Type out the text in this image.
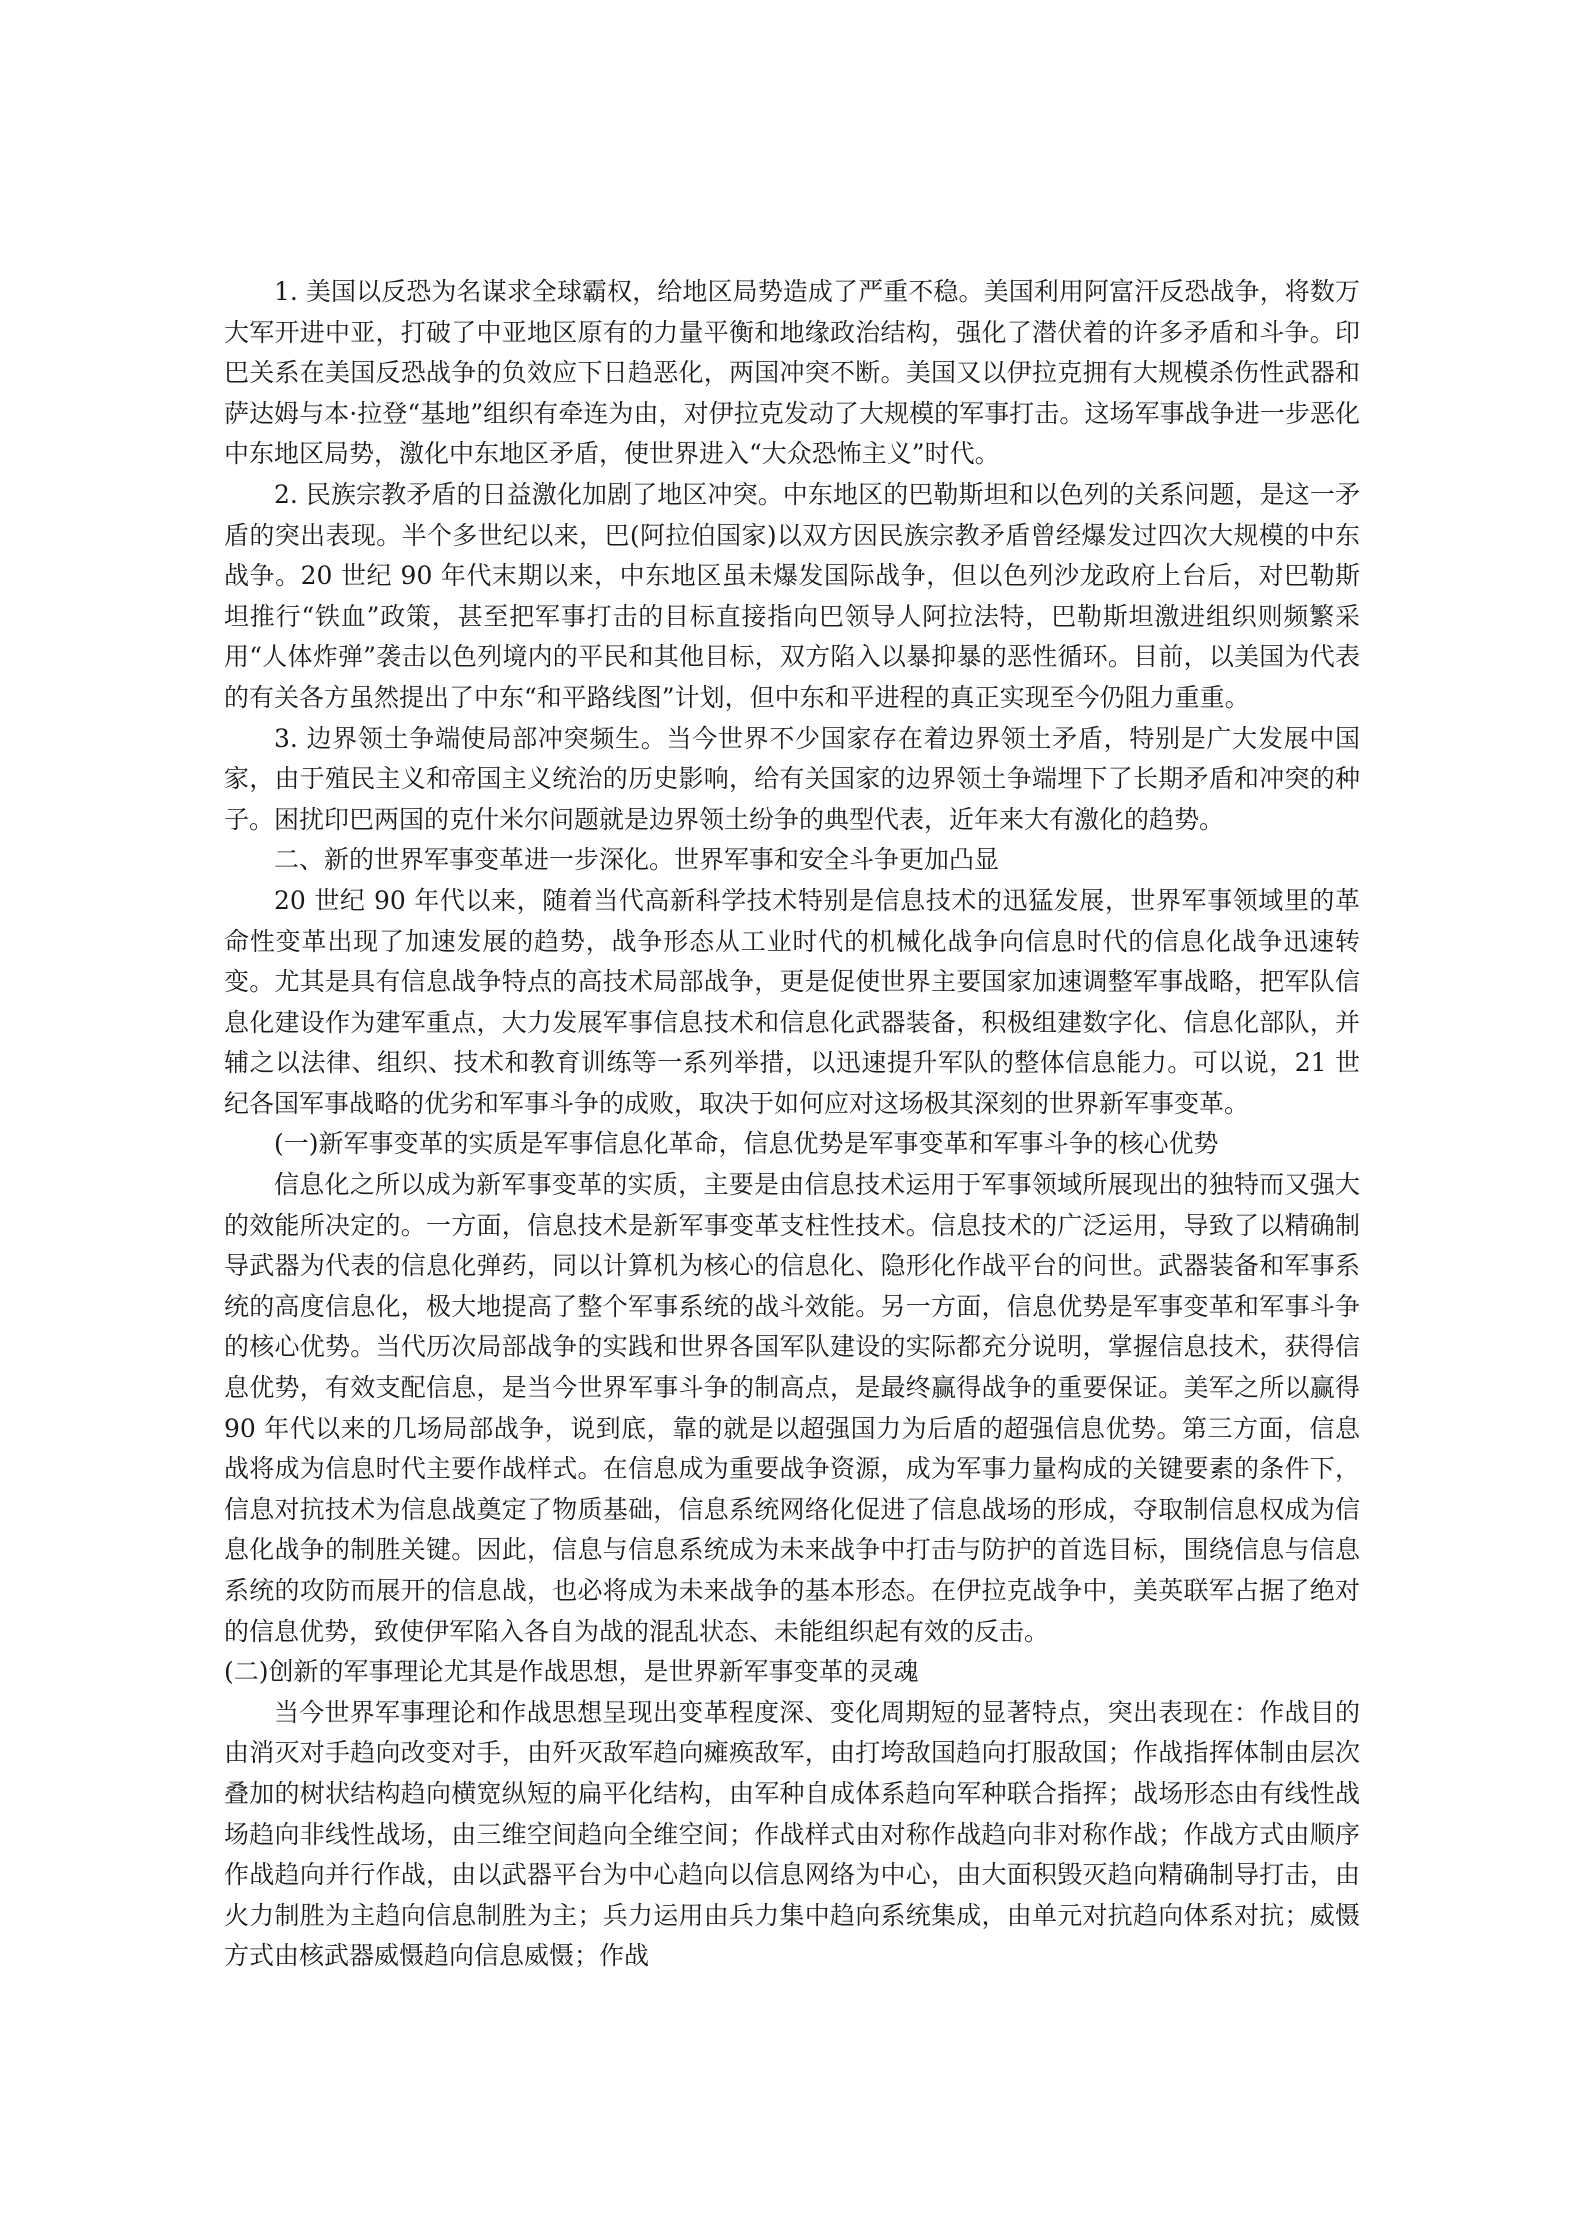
1. 美国以反恐为名谋求全球霸权，给地区局势造成了严重不稳。美国利用阿富汗反恐战争，将数万大军开进中亚，打破了中亚地区原有的力量平衡和地缘政治结构，强化了潜伏着的许多矛盾和斗争。印巴关系在美国反恐战争的负效应下日趋恶化，两国冲突不断。美国又以伊拉克拥有大规模杀伤性武器和萨达姆与本·拉登“基地”组织有牵连为由，对伊拉克发动了大规模的军事打击。这场军事战争进一步恶化中东地区局势，激化中东地区矛盾，使世界进入“大众恐怖主义”时代。

2. 民族宗教矛盾的日益激化加剧了地区冲突。中东地区的巴勒斯坦和以色列的关系问题，是这一矛盾的突出表现。半个多世纪以来，巴(阿拉伯国家)以双方因民族宗教矛盾曾经爆发过四次大规模的中东战争。20 世纪 90 年代末期以来，中东地区虽未爆发国际战争，但以色列沙龙政府上台后，对巴勒斯坦推行“铁血”政策，甚至把军事打击的目标直接指向巴领导人阿拉法特，巴勒斯坦激进组织则频繁采用“人体炸弹”袭击以色列境内的平民和其他目标，双方陷入以暴抑暴的恶性循环。目前，以美国为代表的有关各方虽然提出了中东“和平路线图”计划，但中东和平进程的真正实现至今仍阻力重重。

3. 边界领土争端使局部冲突频生。当今世界不少国家存在着边界领土矛盾，特别是广大发展中国家，由于殖民主义和帝国主义统治的历史影响，给有关国家的边界领土争端埋下了长期矛盾和冲突的种子。困扰印巴两国的克什米尔问题就是边界领土纷争的典型代表，近年来大有激化的趋势。

二、新的世界军事变革进一步深化。世界军事和安全斗争更加凸显

20 世纪 90 年代以来，随着当代高新科学技术特别是信息技术的迅猛发展，世界军事领域里的革命性变革出现了加速发展的趋势，战争形态从工业时代的机械化战争向信息时代的信息化战争迅速转变。尤其是具有信息战争特点的高技术局部战争，更是促使世界主要国家加速调整军事战略，把军队信息化建设作为建军重点，大力发展军事信息技术和信息化武器装备，积极组建数字化、信息化部队，并辅之以法律、组织、技术和教育训练等一系列举措，以迅速提升军队的整体信息能力。可以说，21 世纪各国军事战略的优劣和军事斗争的成败，取决于如何应对这场极其深刻的世界新军事变革。

(一)新军事变革的实质是军事信息化革命，信息优势是军事变革和军事斗争的核心优势

信息化之所以成为新军事变革的实质，主要是由信息技术运用于军事领域所展现出的独特而又强大的效能所决定的。一方面，信息技术是新军事变革支柱性技术。信息技术的广泛运用，导致了以精确制导武器为代表的信息化弹药，同以计算机为核心的信息化、隐形化作战平台的问世。武器装备和军事系统的高度信息化，极大地提高了整个军事系统的战斗效能。另一方面，信息优势是军事变革和军事斗争的核心优势。当代历次局部战争的实践和世界各国军队建设的实际都充分说明，掌握信息技术，获得信息优势，有效支配信息，是当今世界军事斗争的制高点，是最终赢得战争的重要保证。美军之所以赢得 90 年代以来的几场局部战争，说到底，靠的就是以超强国力为后盾的超强信息优势。第三方面，信息战将成为信息时代主要作战样式。在信息成为重要战争资源，成为军事力量构成的关键要素的条件下，信息对抗技术为信息战奠定了物质基础，信息系统网络化促进了信息战场的形成，夺取制信息权成为信息化战争的制胜关键。因此，信息与信息系统成为未来战争中打击与防护的首选目标，围绕信息与信息系统的攻防而展开的信息战，也必将成为未来战争的基本形态。在伊拉克战争中，美英联军占据了绝对的信息优势，致使伊军陷入各自为战的混乱状态、未能组织起有效的反击。

(二)创新的军事理论尤其是作战思想，是世界新军事变革的灵魂

当今世界军事理论和作战思想呈现出变革程度深、变化周期短的显著特点，突出表现在：作战目的由消灭对手趋向改变对手，由歼灭敌军趋向瘫痪敌军，由打垮敌国趋向打服敌国；作战指挥体制由层次叠加的树状结构趋向横宽纵短的扁平化结构，由军种自成体系趋向军种联合指挥；战场形态由有线性战场趋向非线性战场，由三维空间趋向全维空间；作战样式由对称作战趋向非对称作战；作战方式由顺序作战趋向并行作战，由以武器平台为中心趋向以信息网络为中心，由大面积毁灭趋向精确制导打击，由火力制胜为主趋向信息制胜为主；兵力运用由兵力集中趋向系统集成，由单元对抗趋向体系对抗；威慑方式由核武器威慑趋向信息威慑；作战
